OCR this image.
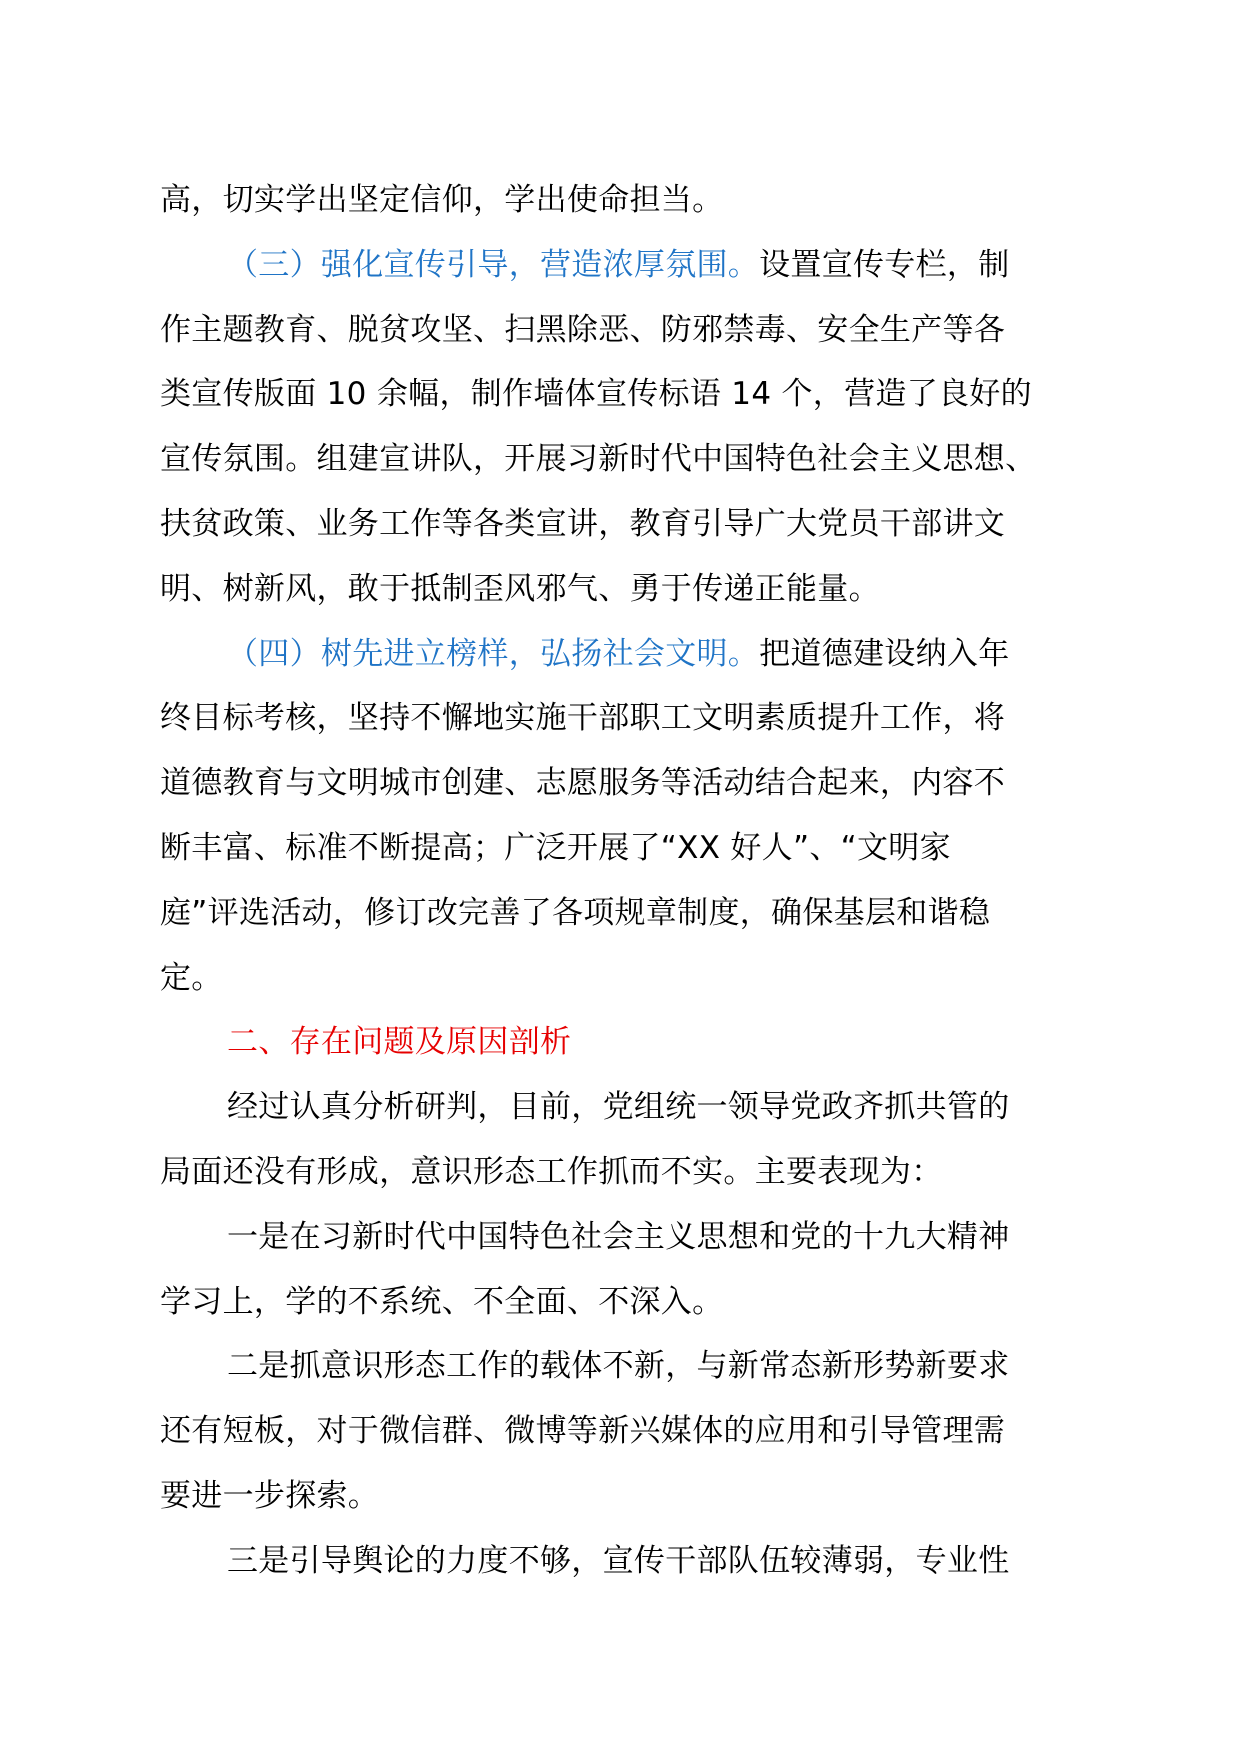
高，切实学出坚定信仰，学出使命担当。
（三）强化宣传引导，营造浓厚氛围。设置宣传专栏，制
作主题教育、脱贫攻坚、扫黑除恶、防邪禁毒、安全生产等各
类宣传版面 10 余幅，制作墙体宣传标语 14 个，营造了良好的
宣传氛围。组建宣讲队，开展习新时代中国特色社会主义思想、
扶贫政策、业务工作等各类宣讲，教育引导广大党员干部讲文
明、树新风，敢于抵制歪风邪气、勇于传递正能量。
（四）树先进立榜样，弘扬社会文明。把道德建设纳入年
终目标考核，坚持不懈地实施干部职工文明素质提升工作，将
道德教育与文明城市创建、志愿服务等活动结合起来，内容不
断丰富、标准不断提高；广泛开展了“XX 好人”、“文明家
庭”评选活动，修订改完善了各项规章制度，确保基层和谐稳
定。
二、存在问题及原因剖析
经过认真分析研判，目前，党组统一领导党政齐抓共管的
局面还没有形成，意识形态工作抓而不实。主要表现为：
一是在习新时代中国特色社会主义思想和党的十九大精神
学习上，学的不系统、不全面、不深入。
二是抓意识形态工作的载体不新，与新常态新形势新要求
还有短板，对于微信群、微博等新兴媒体的应用和引导管理需
要进一步探索。
三是引导舆论的力度不够，宣传干部队伍较薄弱，专业性
